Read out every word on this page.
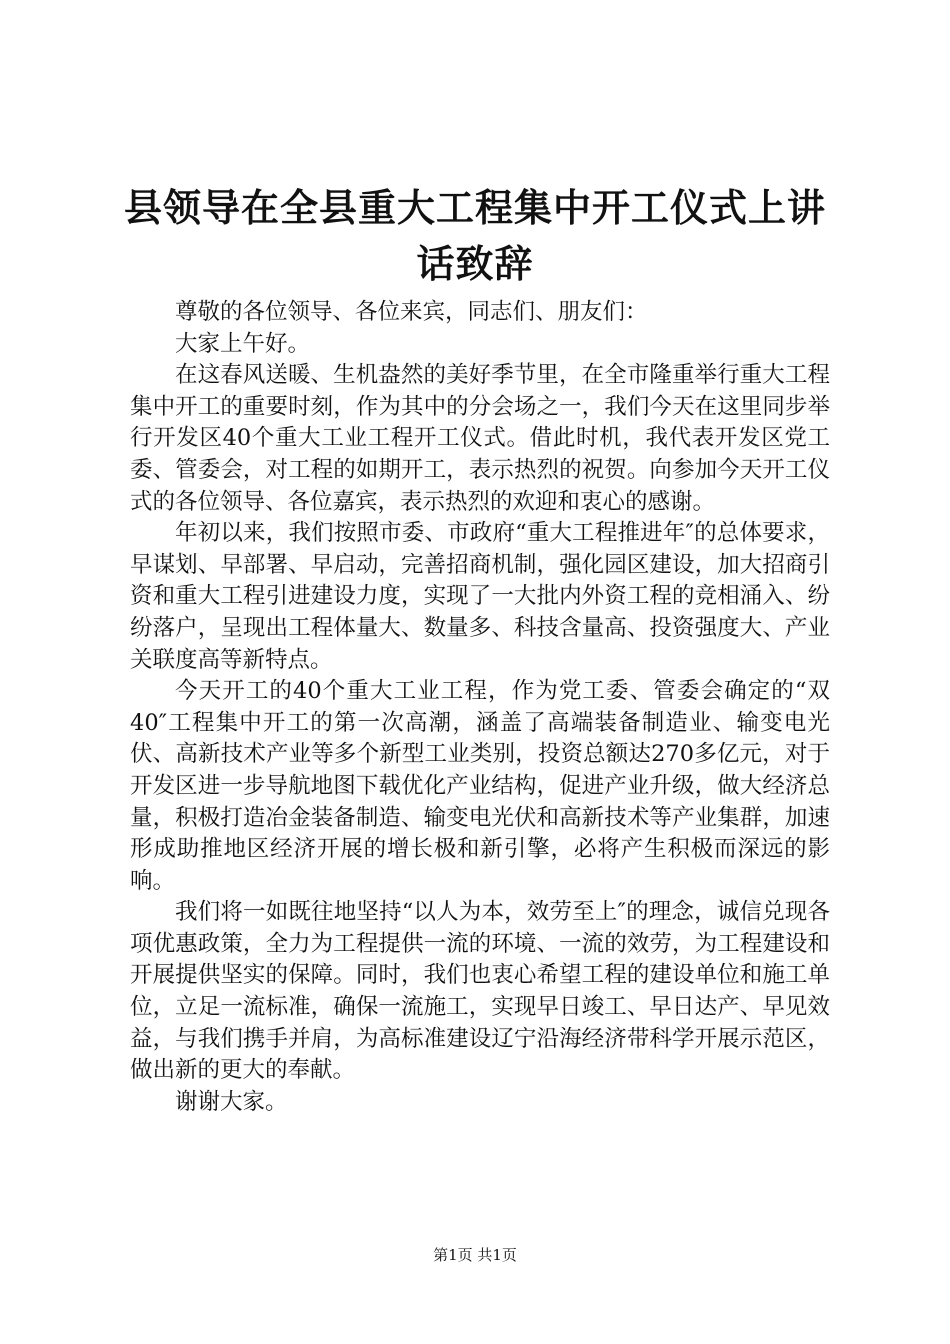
县领导在全县重大工程集中开工仪式上讲话致辞

尊敬的各位领导、各位来宾，同志们、朋友们：

大家上午好。

在这春风送暖、生机盎然的美好季节里，在全市隆重举行重大工程集中开工的重要时刻，作为其中的分会场之一，我们今天在这里同步举行开发区40个重大工业工程开工仪式。借此时机，我代表开发区党工委、管委会，对工程的如期开工，表示热烈的祝贺。向参加今天开工仪式的各位领导、各位嘉宾，表示热烈的欢迎和衷心的感谢。

年初以来，我们按照市委、市政府“重大工程推进年″的总体要求，早谋划、早部署、早启动，完善招商机制，强化园区建设，加大招商引资和重大工程引进建设力度，实现了一大批内外资工程的竞相涌入、纷纷落户，呈现出工程体量大、数量多、科技含量高、投资强度大、产业关联度高等新特点。

今天开工的40个重大工业工程，作为党工委、管委会确定的“双40″工程集中开工的第一次高潮，涵盖了高端装备制造业、输变电光伏、高新技术产业等多个新型工业类别，投资总额达270多亿元，对于开发区进一步导航地图下载优化产业结构，促进产业升级，做大经济总量，积极打造冶金装备制造、输变电光伏和高新技术等产业集群，加速形成助推地区经济开展的增长极和新引擎，必将产生积极而深远的影响。

我们将一如既往地坚持“以人为本，效劳至上″的理念，诚信兑现各项优惠政策，全力为工程提供一流的环境、一流的效劳，为工程建设和开展提供坚实的保障。同时，我们也衷心希望工程的建设单位和施工单位，立足一流标准，确保一流施工，实现早日竣工、早日达产、早见效益，与我们携手并肩，为高标准建设辽宁沿海经济带科学开展示范区，做出新的更大的奉献。

谢谢大家。

第1页 共1页
